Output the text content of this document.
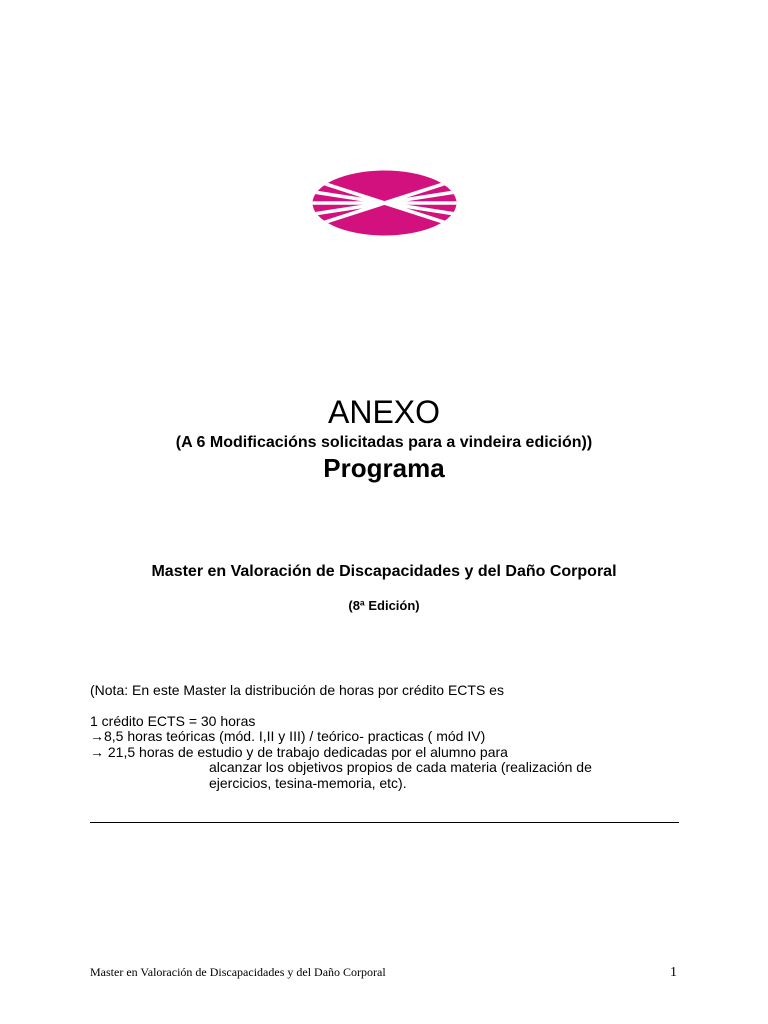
ANEXO
(A 6 Modificacións solicitadas para a vindeira edición))
Programa
Master en Valoración de Discapacidades y del Daño Corporal
(8ª Edición)
(Nota: En este Master la distribución de horas por crédito ECTS es
1 crédito ECTS = 30 horas
→8,5 horas teóricas (mód. I,II y III) / teórico- practicas ( mód IV)
→ 21,5 horas de estudio y de trabajo dedicadas por el alumno para
alcanzar los objetivos propios de cada materia (realización de
ejercicios, tesina-memoria, etc).
Master en Valoración de Discapacidades y del Daño Corporal	1
